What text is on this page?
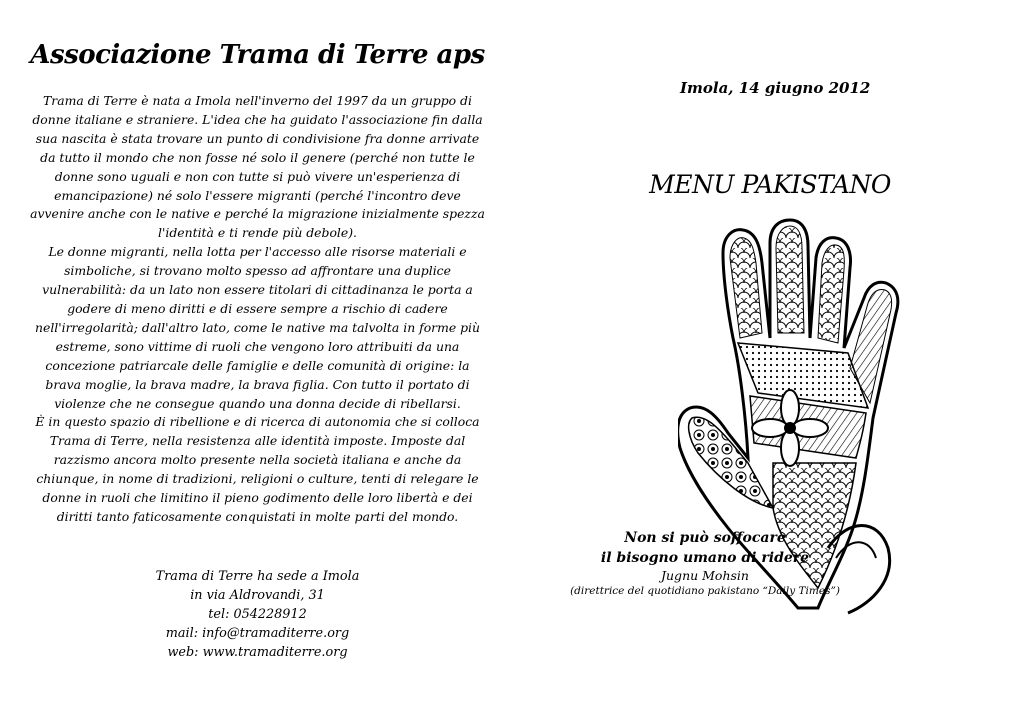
Associazione Trama di Terre aps

Trama di Terre è nata a Imola nell'inverno del 1997 da un gruppo di donne italiane e straniere. L'idea che ha guidato l'associazione fin dalla sua nascita è stata trovare un punto di condivisione fra donne arrivate da tutto il mondo che non fosse né solo il genere (perché non tutte le donne sono uguali e non con tutte si può vivere un'esperienza di emancipazione) né solo l'essere migranti (perché l'incontro deve avvenire anche con le native e perché la migrazione inizialmente spezza l'identità e ti rende più debole).

Le donne migranti, nella lotta per l'accesso alle risorse materiali e simboliche, si trovano molto spesso ad affrontare una duplice vulnerabilità: da un lato non essere titolari di cittadinanza le porta a godere di meno diritti e di essere sempre a rischio di cadere nell'irregolarità; dall'altro lato, come le native ma talvolta in forme più estreme, sono vittime di ruoli che vengono loro attribuiti da una concezione patriarcale delle famiglie e delle comunità di origine: la brava moglie, la brava madre, la brava figlia. Con tutto il portato di violenze che ne consegue quando una donna decide di ribellarsi.

È in questo spazio di ribellione e di ricerca di autonomia che si colloca Trama di Terre, nella resistenza alle identità imposte. Imposte dal razzismo ancora molto presente nella società italiana e anche da chiunque, in nome di tradizioni, religioni o culture, tenti di relegare le donne in ruoli che limitino il pieno godimento delle loro libertà e dei diritti tanto faticosamente conquistati in molte parti del mondo.

Trama di Terre ha sede a Imola
in via Aldrovandi, 31
tel: 054228912
mail: info@tramaditerre.org
web: www.tramaditerre.org
Imola, 14 giugno 2012
MENU PAKISTANO
Non si può soffocare
il bisogno umano di ridere
Jugnu Mohsin
(direttrice del quotidiano pakistano “Daily Times”)
